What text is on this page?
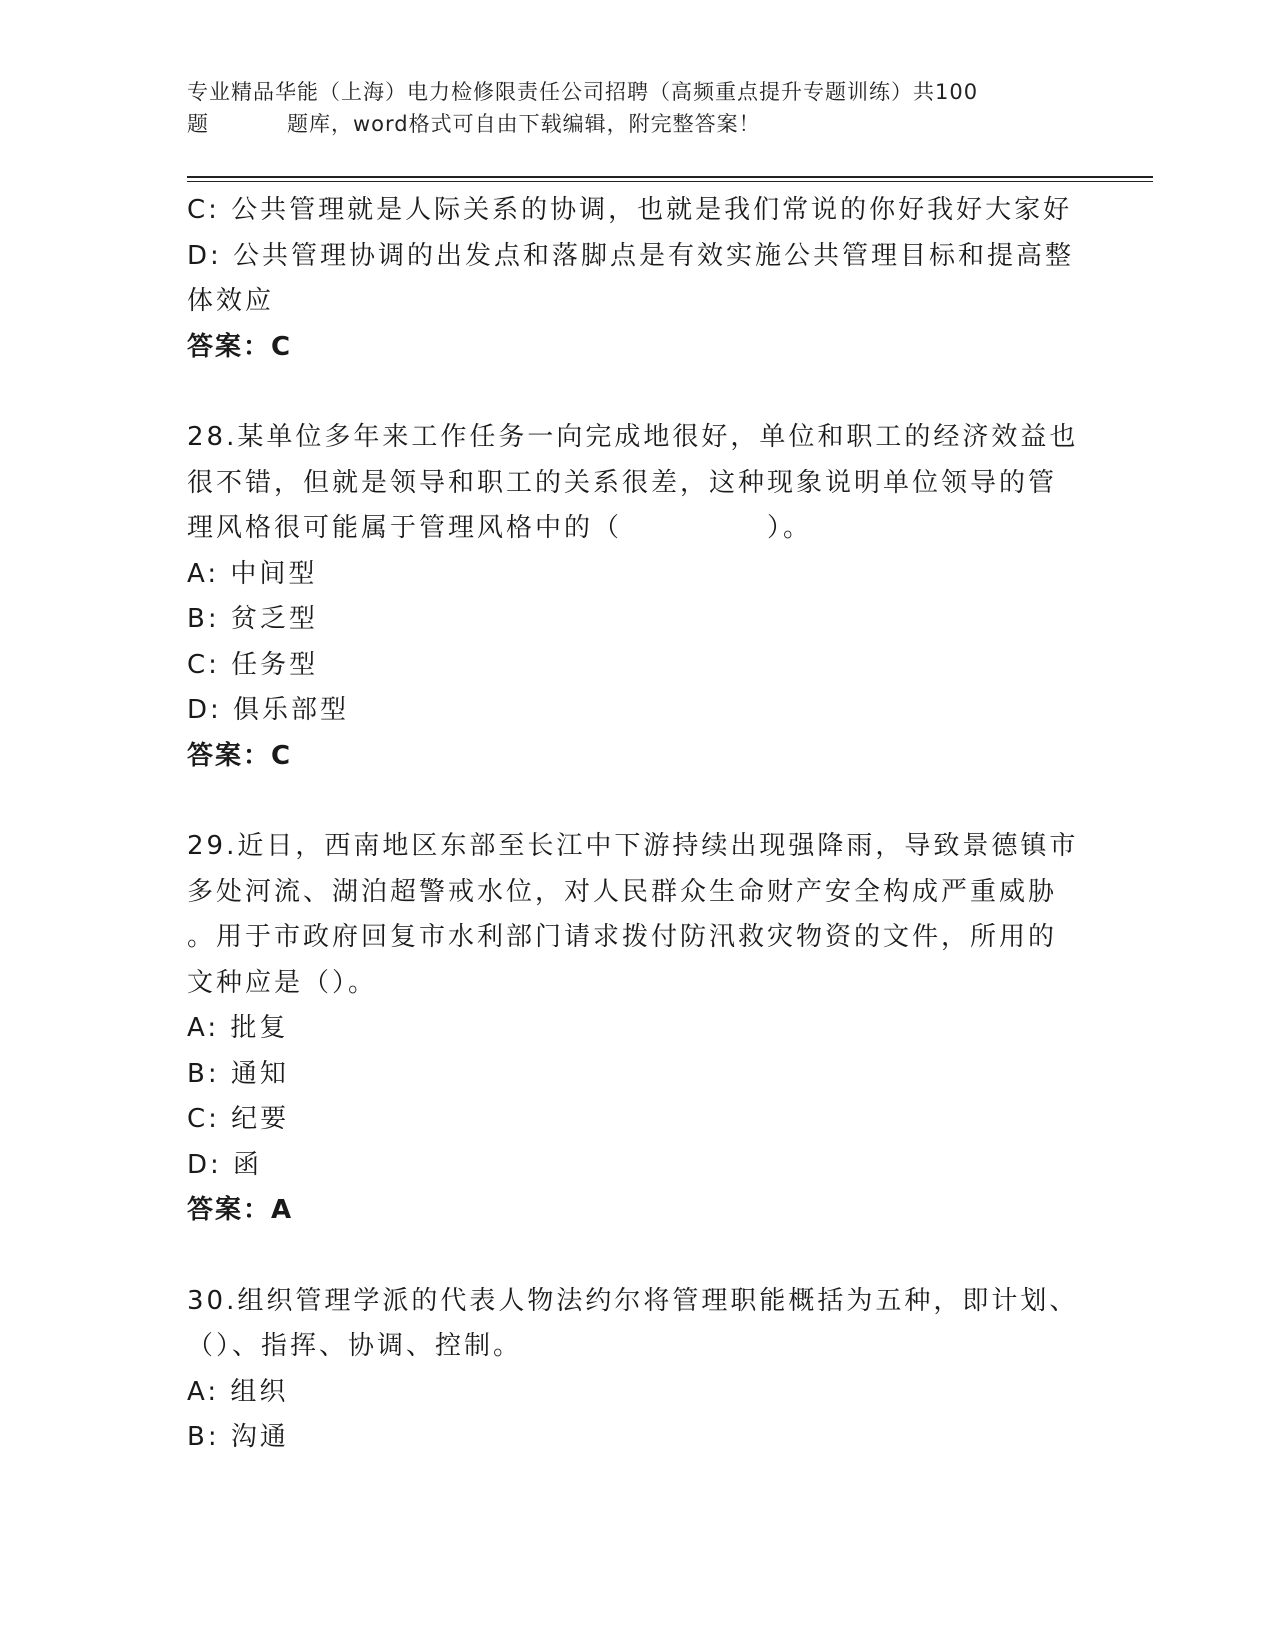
专业精品华能（上海）电力检修限责任公司招聘（高频重点提升专题训练）共100
题	题库，word格式可自由下载编辑，附完整答案！
C: 公共管理就是人际关系的协调，也就是我们常说的你好我好大家好
D: 公共管理协调的出发点和落脚点是有效实施公共管理目标和提高整
体效应
答案：C
28.某单位多年来工作任务一向完成地很好，单位和职工的经济效益也
很不错，但就是领导和职工的关系很差，这种现象说明单位领导的管
理风格很可能属于管理风格中的（　　　　　）。
A: 中间型
B: 贫乏型
C: 任务型
D: 俱乐部型
答案：C
29.近日，西南地区东部至长江中下游持续出现强降雨，导致景德镇市
多处河流、湖泊超警戒水位，对人民群众生命财产安全构成严重威胁
。用于市政府回复市水利部门请求拨付防汛救灾物资的文件，所用的
文种应是（）。
A: 批复
B: 通知
C: 纪要
D: 函
答案：A
30.组织管理学派的代表人物法约尔将管理职能概括为五种，即计划、
（）、指挥、协调、控制。
A: 组织
B: 沟通
